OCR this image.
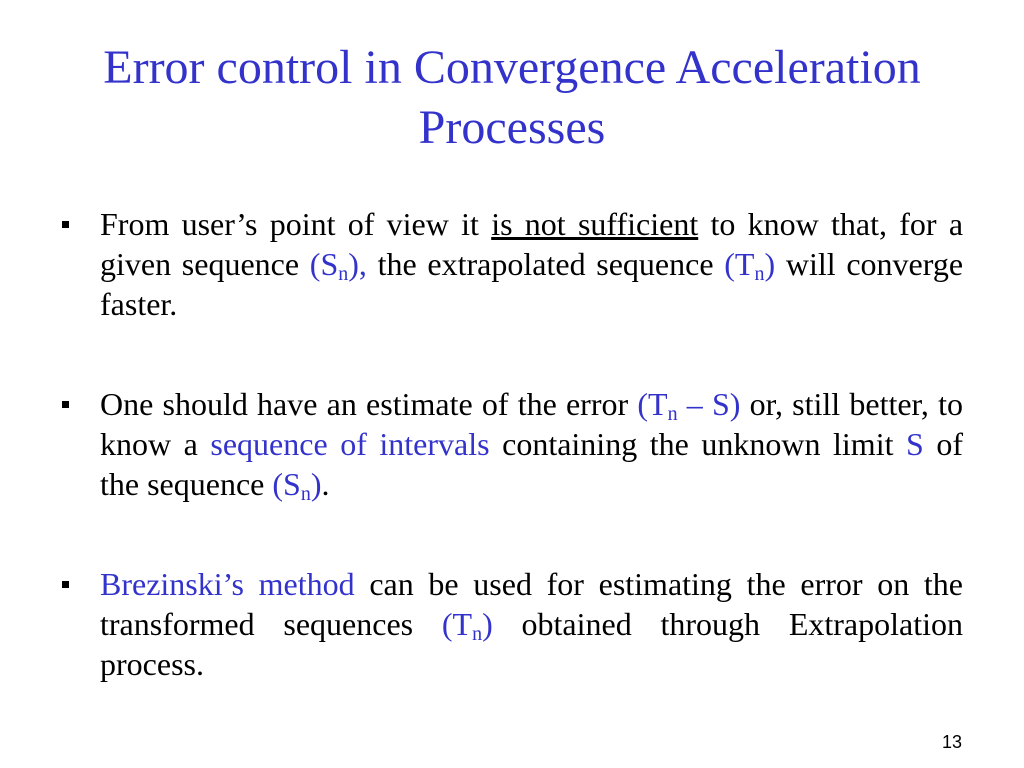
Error control in Convergence Acceleration
Processes
From user’s point of view it is not sufficient to know that, for a given sequence $(S_n)$, the extrapolated sequence $(T_n)$ will converge faster.
One should have an estimate of the error $(T_n - S)$ or, still better, to know a sequence of intervals containing the unknown limit S of the sequence $(S_n)$.
Brezinski’s method can be used for estimating the error on the transformed sequences $(T_n)$ obtained through Extrapolation process.
13
